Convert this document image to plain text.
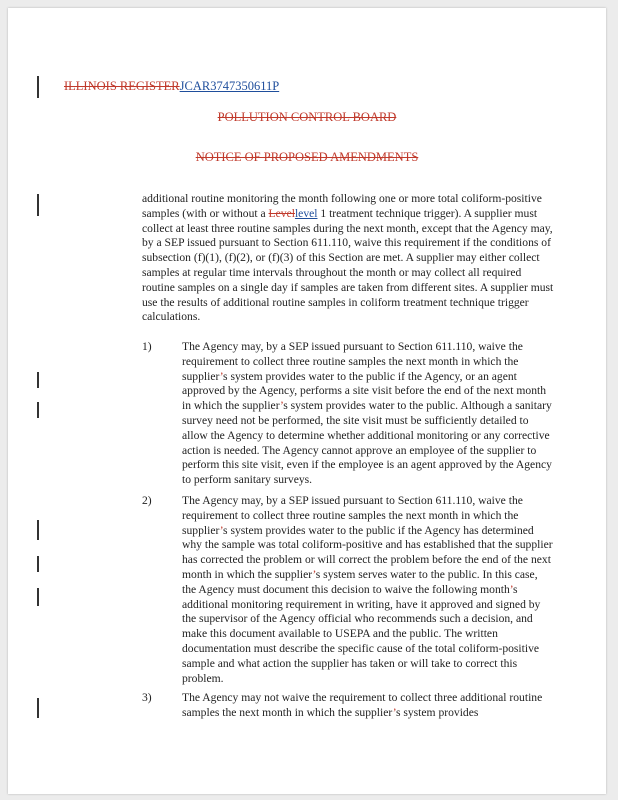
ILLINOIS REGISTERJCAR3747350611P
POLLUTION CONTROL BOARD
NOTICE OF PROPOSED AMENDMENTS
additional routine monitoring the month following one or more total coliform-positive samples (with or without a Levellevel 1 treatment technique trigger). A supplier must collect at least three routine samples during the next month, except that the Agency may, by a SEP issued pursuant to Section 611.110, waive this requirement if the conditions of subsection (f)(1), (f)(2), or (f)(3) of this Section are met. A supplier may either collect samples at regular time intervals throughout the month or may collect all required routine samples on a single day if samples are taken from different sites. A supplier must use the results of additional routine samples in coliform treatment technique trigger calculations.
1)	The Agency may, by a SEP issued pursuant to Section 611.110, waive the requirement to collect three routine samples the next month in which the supplier’s system provides water to the public if the Agency, or an agent approved by the Agency, performs a site visit before the end of the next month in which the supplier’s system provides water to the public. Although a sanitary survey need not be performed, the site visit must be sufficiently detailed to allow the Agency to determine whether additional monitoring or any corrective action is needed. The Agency cannot approve an employee of the supplier to perform this site visit, even if the employee is an agent approved by the Agency to perform sanitary surveys.
2)	The Agency may, by a SEP issued pursuant to Section 611.110, waive the requirement to collect three routine samples the next month in which the supplier’s system provides water to the public if the Agency has determined why the sample was total coliform-positive and has established that the supplier has corrected the problem or will correct the problem before the end of the next month in which the supplier’s system serves water to the public. In this case, the Agency must document this decision to waive the following month’s additional monitoring requirement in writing, have it approved and signed by the supervisor of the Agency official who recommends such a decision, and make this document available to USEPA and the public. The written documentation must describe the specific cause of the total coliform-positive sample and what action the supplier has taken or will take to correct this problem.
3)	The Agency may not waive the requirement to collect three additional routine samples the next month in which the supplier’s system provides
